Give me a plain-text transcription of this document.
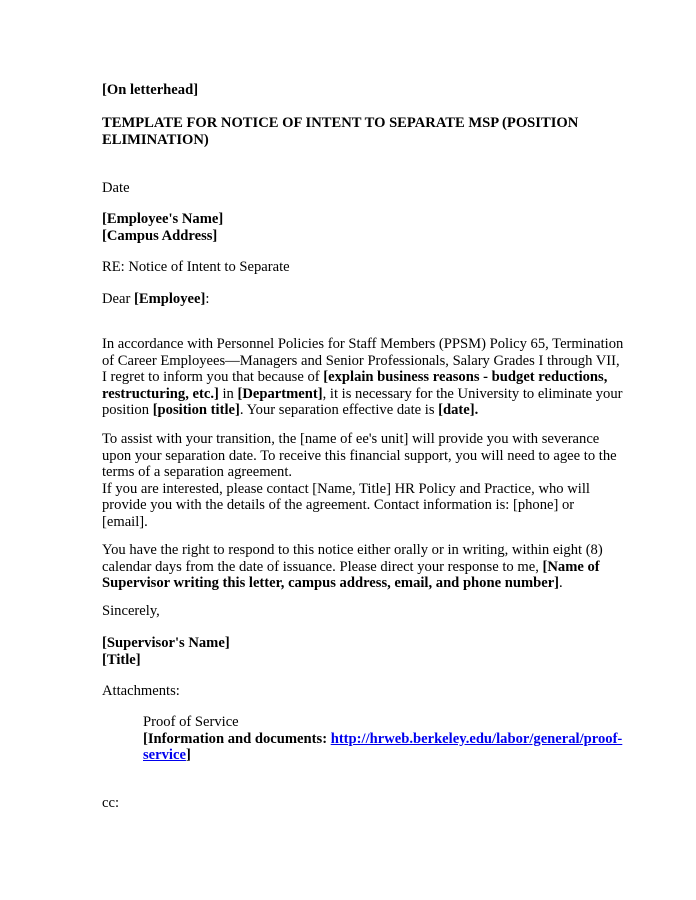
[On letterhead]

TEMPLATE FOR NOTICE OF INTENT TO SEPARATE MSP (POSITION
ELIMINATION)

Date

[Employee's Name]
[Campus Address]

RE: Notice of Intent to Separate

Dear [Employee]:

In accordance with Personnel Policies for Staff Members (PPSM) Policy 65, Termination
of Career Employees—Managers and Senior Professionals, Salary Grades I through VII,
I regret to inform you that because of [explain business reasons - budget reductions,
restructuring, etc.] in [Department], it is necessary for the University to eliminate your
position [position title]. Your separation effective date is [date].

To assist with your transition, the [name of ee's unit] will provide you with severance
upon your separation date. To receive this financial support, you will need to agee to the
terms of a separation agreement.
If you are interested, please contact [Name, Title] HR Policy and Practice, who will
provide you with the details of the agreement. Contact information is: [phone] or
[email].

You have the right to respond to this notice either orally or in writing, within eight (8)
calendar days from the date of issuance. Please direct your response to me, [Name of
Supervisor writing this letter, campus address, email, and phone number].

Sincerely,

[Supervisor's Name]
[Title]

Attachments:

Proof of Service
[Information and documents: http://hrweb.berkeley.edu/labor/general/proof-
service]

cc:
